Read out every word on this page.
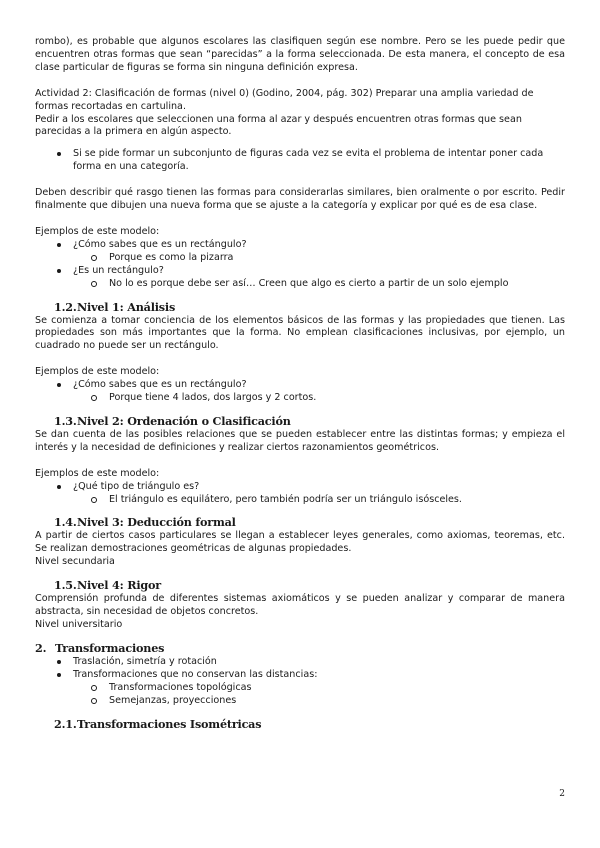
rombo), es probable que algunos escolares las clasifiquen según ese nombre. Pero se les puede pedir que encuentren otras formas que sean “parecidas” a la forma seleccionada. De esta manera, el concepto de esa clase particular de figuras se forma sin ninguna definición expresa.

Actividad 2: Clasificación de formas (nivel 0) (Godino, 2004, pág. 302) Preparar una amplia variedad de formas recortadas en cartulina.

Pedir a los escolares que seleccionen una forma al azar y después encuentren otras formas que sean parecidas a la primera en algún aspecto.

Si se pide formar un subconjunto de figuras cada vez se evita el problema de intentar poner cada forma en una categoría.

Deben describir qué rasgo tienen las formas para considerarlas similares, bien oralmente o por escrito. Pedir finalmente que dibujen una nueva forma que se ajuste a la categoría y explicar por qué es de esa clase.

Ejemplos de este modelo:

¿Cómo sabes que es un rectángulo?
Porque es como la pizarra
¿Es un rectángulo?
No lo es porque debe ser así… Creen que algo es cierto a partir de un solo ejemplo
1.2.Nivel 1: Análisis

Se comienza a tomar conciencia de los elementos básicos de las formas y las propiedades que tienen. Las propiedades son más importantes que la forma. No emplean clasificaciones inclusivas, por ejemplo, un cuadrado no puede ser un rectángulo.

Ejemplos de este modelo:

¿Cómo sabes que es un rectángulo?
Porque tiene 4 lados, dos largos y 2 cortos.
1.3.Nivel 2: Ordenación o Clasificación

Se dan cuenta de las posibles relaciones que se pueden establecer entre las distintas formas; y empieza el interés y la necesidad de definiciones y realizar ciertos razonamientos geométricos.

Ejemplos de este modelo:

¿Qué tipo de triángulo es?
El triángulo es equilátero, pero también podría ser un triángulo isósceles.
1.4.Nivel 3: Deducción formal

A partir de ciertos casos particulares se llegan a establecer leyes generales, como axiomas, teoremas, etc. Se realizan demostraciones geométricas de algunas propiedades.

Nivel secundaria

1.5.Nivel 4: Rigor

Comprensión profunda de diferentes sistemas axiomáticos y se pueden analizar y comparar de manera abstracta, sin necesidad de objetos concretos.

Nivel universitario

2. Transformaciones
Traslación, simetría y rotación
Transformaciones que no conservan las distancias:
Transformaciones topológicas
Semejanzas, proyecciones
2.1.Transformaciones Isométricas
2
